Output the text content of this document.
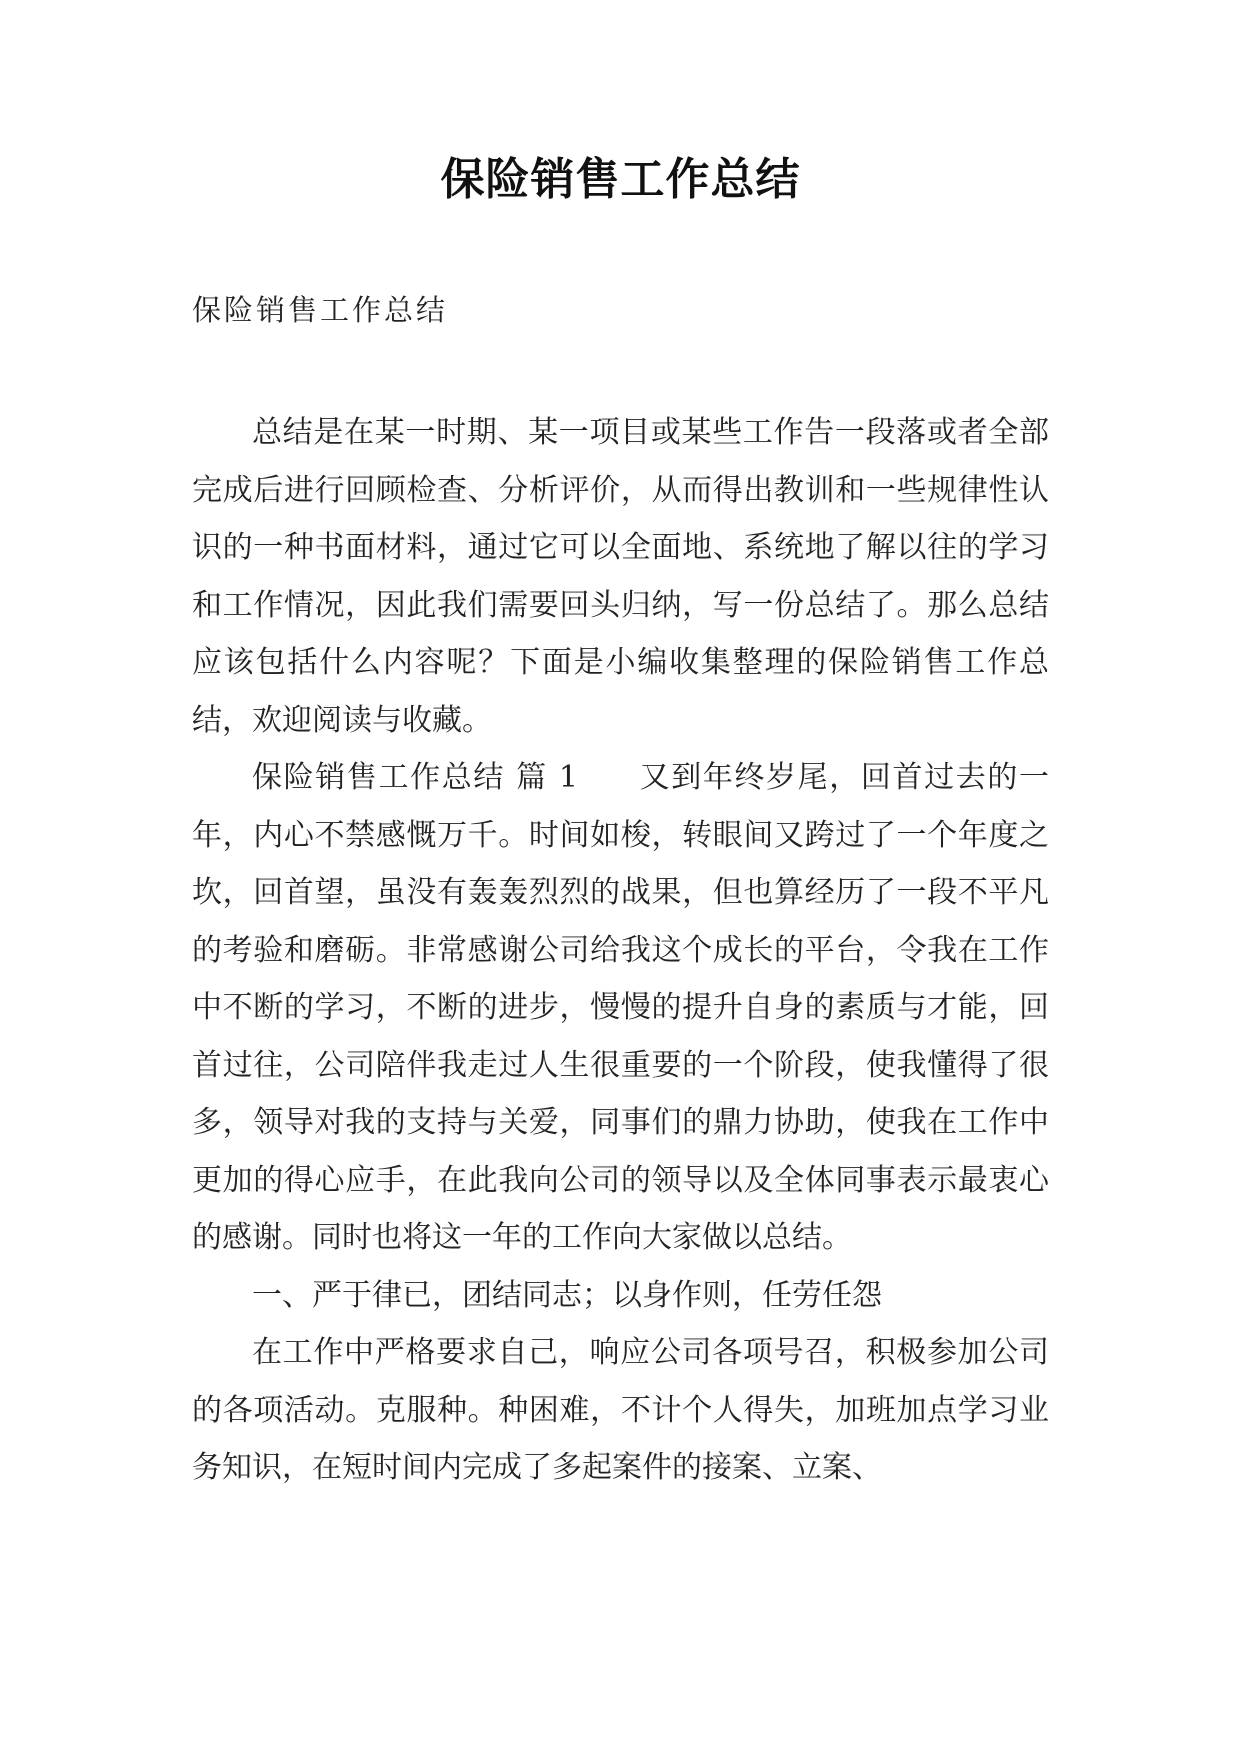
保险销售工作总结
保险销售工作总结

总结是在某一时期、某一项目或某些工作告一段落或者全部完成后进行回顾检查、分析评价，从而得出教训和一些规律性认识的一种书面材料，通过它可以全面地、系统地了解以往的学习和工作情况，因此我们需要回头归纳，写一份总结了。那么总结应该包括什么内容呢？下面是小编收集整理的保险销售工作总结，欢迎阅读与收藏。

保险销售工作总结 篇 1 又到年终岁尾，回首过去的一年，内心不禁感慨万千。时间如梭，转眼间又跨过了一个年度之坎，回首望，虽没有轰轰烈烈的战果，但也算经历了一段不平凡的考验和磨砺。非常感谢公司给我这个成长的平台，令我在工作中不断的学习，不断的进步，慢慢的提升自身的素质与才能，回首过往，公司陪伴我走过人生很重要的一个阶段，使我懂得了很多，领导对我的支持与关爱，同事们的鼎力协助，使我在工作中更加的得心应手，在此我向公司的领导以及全体同事表示最衷心的感谢。同时也将这一年的工作向大家做以总结。

一、严于律已，团结同志；以身作则，任劳任怨

在工作中严格要求自己，响应公司各项号召，积极参加公司的各项活动。克服种。种困难，不计个人得失，加班加点学习业务知识，在短时间内完成了多起案件的接案、立案、
